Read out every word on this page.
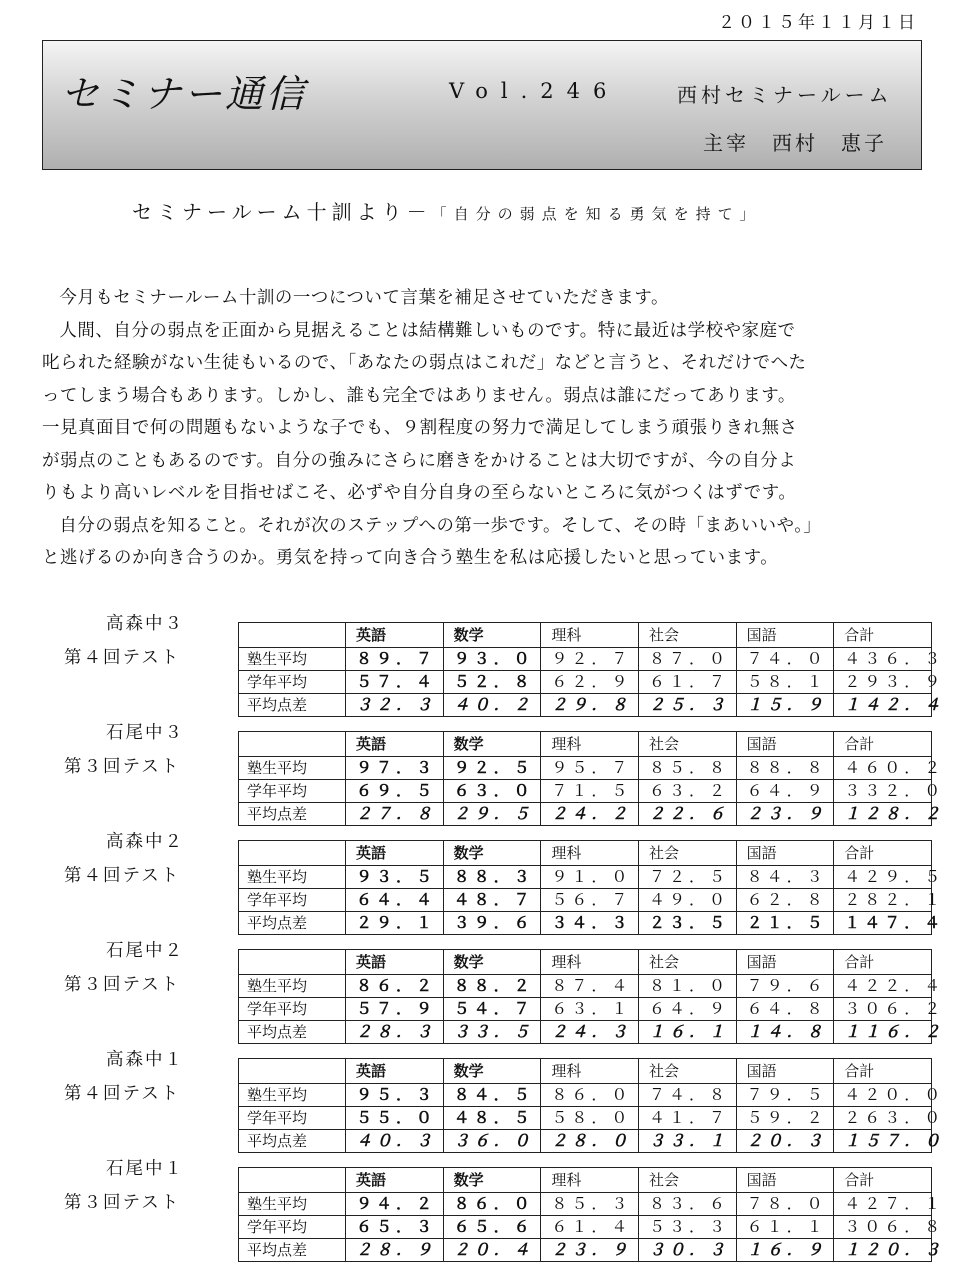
２０１５年１１月１日
セミナー通信	Vol.246	西村セミナールーム
主宰　西村　恵子
セミナールーム十訓より－「自分の弱点を知る勇気を持て」

今月もセミナールーム十訓の一つについて言葉を補足させていただきます。

人間、自分の弱点を正面から見据えることは結構難しいものです。特に最近は学校や家庭で

叱られた経験がない生徒もいるので、「あなたの弱点はこれだ」などと言うと、それだけでへた

ってしまう場合もあります。しかし、誰も完全ではありません。弱点は誰にだってあります。

一見真面目で何の問題もないような子でも、９割程度の努力で満足してしまう頑張りきれ無さ

が弱点のこともあるのです。自分の強みにさらに磨きをかけることは大切ですが、今の自分よ

りもより高いレベルを目指せばこそ、必ずや自分自身の至らないところに気がつくはずです。

自分の弱点を知ること。それが次のステップへの第一歩です。そして、その時「まあいいや。」

と逃げるのか向き合うのか。勇気を持って向き合う塾生を私は応援したいと思っています。

高森中３
第４回テスト
	英語	数学	理科	社会	国語	合計
塾生平均	８９．７	９３．０	９２．７	８７．０	７４．０	４３６．３
学年平均	５７．４	５２．８	６２．９	６１．７	５８．１	２９３．９
平均点差	３２．３	４０．２	２９．８	２５．３	１５．９	１４２．４
石尾中３
第３回テスト
	英語	数学	理科	社会	国語	合計
塾生平均	９７．３	９２．５	９５．７	８５．８	８８．８	４６０．２
学年平均	６９．５	６３．０	７１．５	６３．２	６４．９	３３２．０
平均点差	２７．８	２９．５	２４．２	２２．６	２３．９	１２８．２
高森中２
第４回テスト
	英語	数学	理科	社会	国語	合計
塾生平均	９３．５	８８．３	９１．０	７２．５	８４．３	４２９．５
学年平均	６４．４	４８．７	５６．７	４９．０	６２．８	２８２．１
平均点差	２９．１	３９．６	３４．３	２３．５	２１．５	１４７．４
石尾中２
第３回テスト
	英語	数学	理科	社会	国語	合計
塾生平均	８６．２	８８．２	８７．４	８１．０	７９．６	４２２．４
学年平均	５７．９	５４．７	６３．１	６４．９	６４．８	３０６．２
平均点差	２８．３	３３．５	２４．３	１６．１	１４．８	１１６．２
高森中１
第４回テスト
	英語	数学	理科	社会	国語	合計
塾生平均	９５．３	８４．５	８６．０	７４．８	７９．５	４２０．０
学年平均	５５．０	４８．５	５８．０	４１．７	５９．２	２６３．０
平均点差	４０．３	３６．０	２８．０	３３．１	２０．３	１５７．０
石尾中１
第３回テスト
	英語	数学	理科	社会	国語	合計
塾生平均	９４．２	８６．０	８５．３	８３．６	７８．０	４２７．１
学年平均	６５．３	６５．６	６１．４	５３．３	６１．１	３０６．８
平均点差	２８．９	２０．４	２３．９	３０．３	１６．９	１２０．３
